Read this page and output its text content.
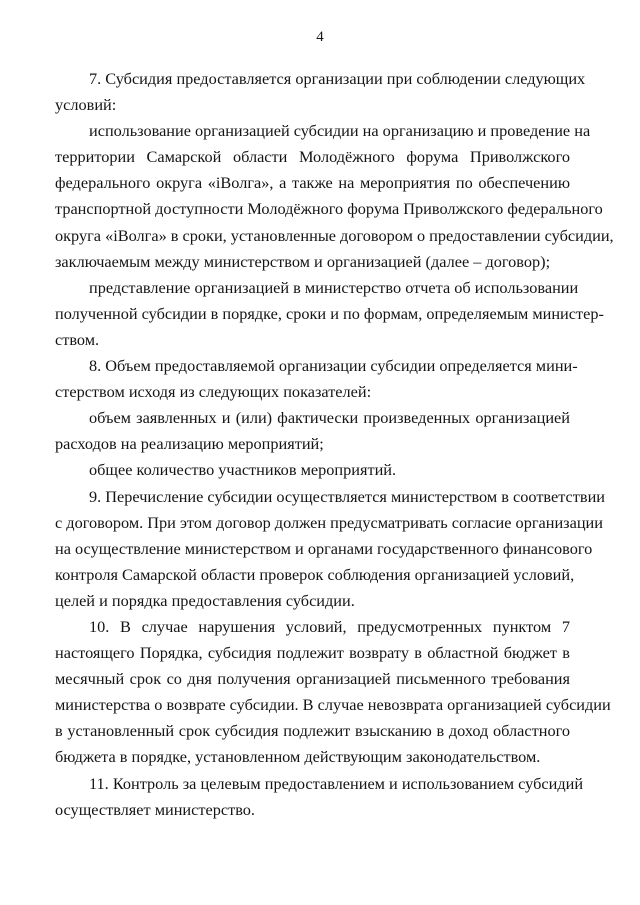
4
7. Субсидия предоставляется организации при соблюдении следующих
условий:
использование организацией субсидии на организацию и проведение на
территории Самарской области Молодёжного форума Приволжского
федерального округа «iВолга», а также на мероприятия по обеспечению
транспортной доступности Молодёжного форума Приволжского федерального
округа «iВолга» в сроки, установленные договором о предоставлении субсидии,
заключаемым между министерством и организацией (далее – договор);
представление организацией в министерство отчета об использовании
полученной субсидии в порядке, сроки и по формам, определяемым министер-
ством.
8. Объем предоставляемой организации субсидии определяется мини-
стерством исходя из следующих показателей:
объем заявленных и (или) фактически произведенных организацией
расходов на реализацию мероприятий;
общее количество участников мероприятий.
9. Перечисление субсидии осуществляется министерством в соответствии
с договором. При этом договор должен предусматривать согласие организации
на осуществление министерством и органами государственного финансового
контроля Самарской области проверок соблюдения организацией условий,
целей и порядка предоставления субсидии.
10. В случае нарушения условий, предусмотренных пунктом 7
настоящего Порядка, субсидия подлежит возврату в областной бюджет в
месячный срок со дня получения организацией письменного требования
министерства о возврате субсидии. В случае невозврата организацией субсидии
в установленный срок субсидия подлежит взысканию в доход областного
бюджета в порядке, установленном действующим законодательством.
11. Контроль за целевым предоставлением и использованием субсидий
осуществляет министерство.
